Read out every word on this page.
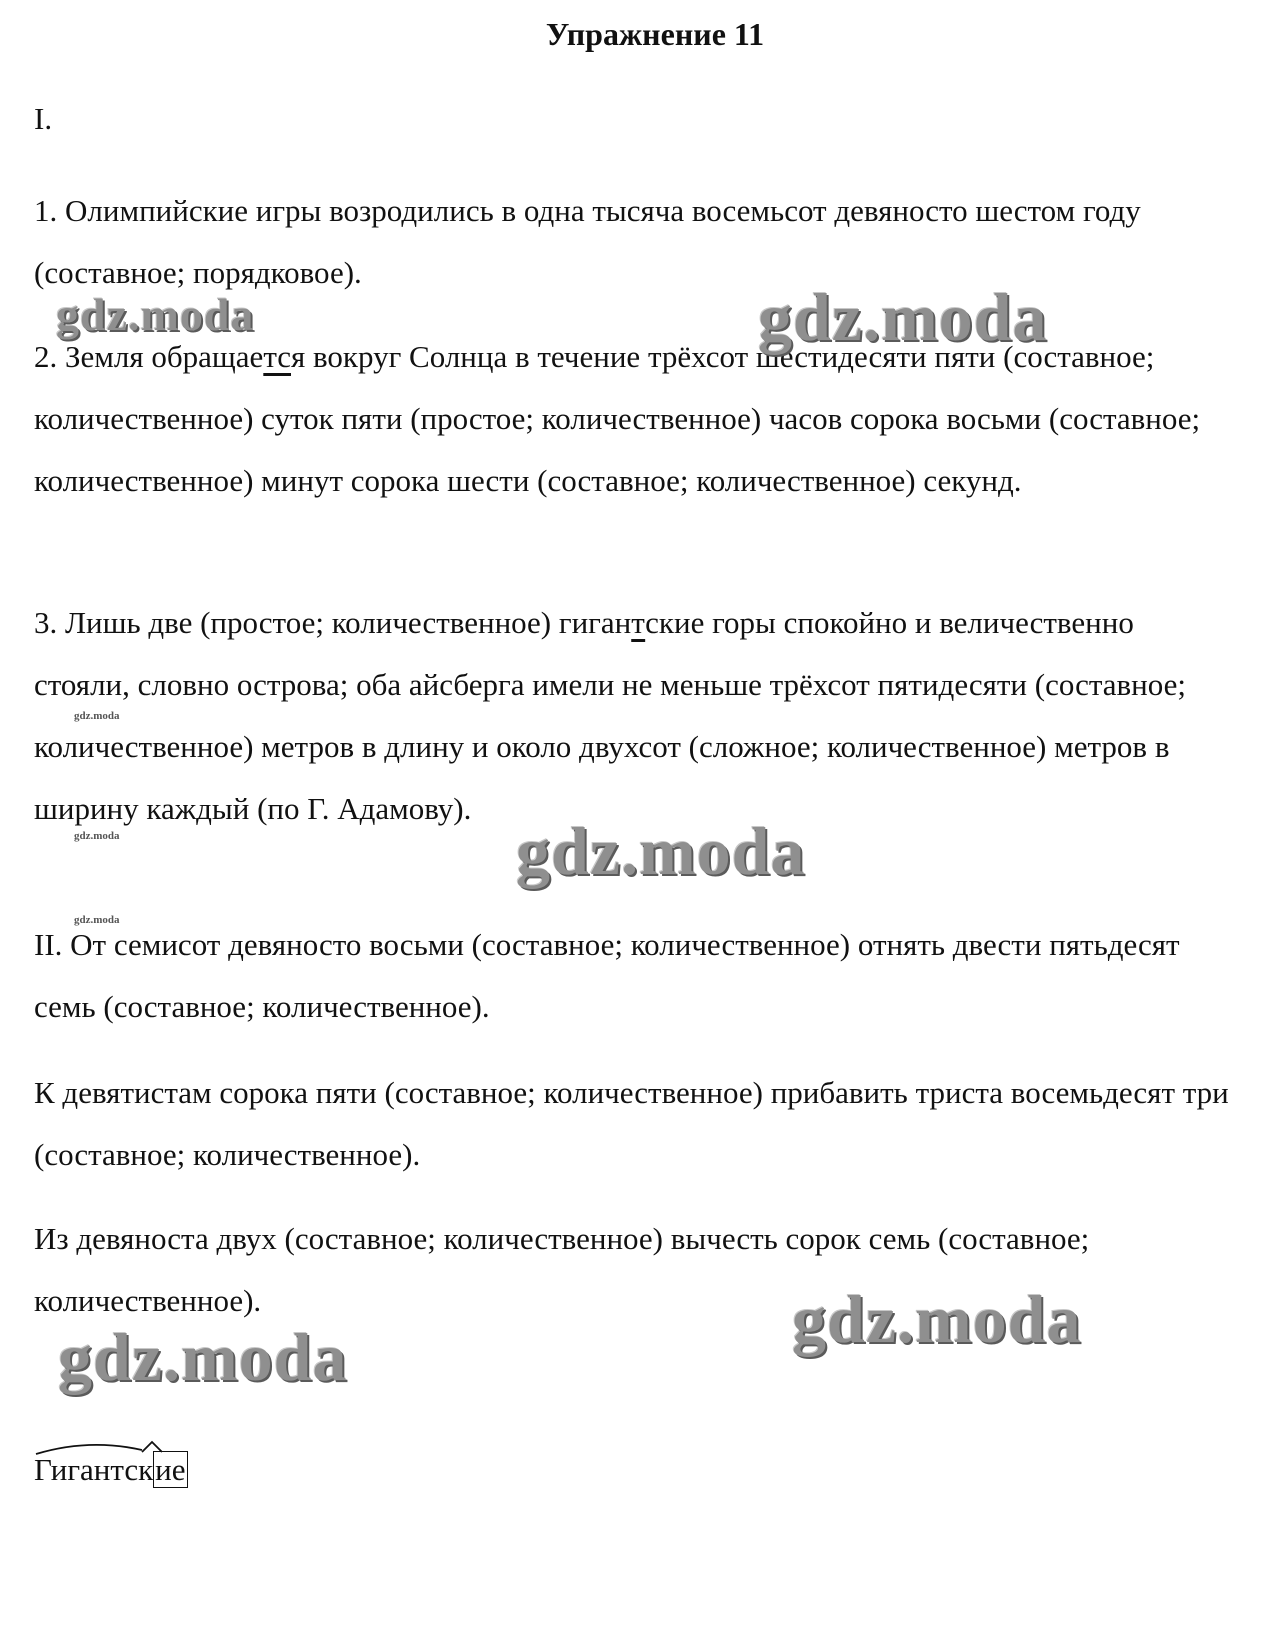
Упражнение 11
I.
1. Олимпийские игры возродились в одна тысяча восемьсот девяносто шестом году (составное; порядковое).
2. Земля обращается вокруг Солнца в течение трёхсот шестидесяти пяти (составное; количественное) суток пяти (простое; количественное) часов сорока восьми (составное; количественное) минут сорока шести (составное; количественное) секунд.
3. Лишь две (простое; количественное) гигантские горы спокойно и величественно стояли, словно острова; оба айсберга имели не меньше трёхсот пятидесяти (составное; количественное) метров в длину и около двухсот (сложное; количественное) метров в ширину каждый (по Г. Адамову).
II. От семисот девяносто восьми (составное; количественное) отнять двести пятьдесят семь (составное; количественное).
К девятистам сорока пяти (составное; количественное) прибавить триста восемьдесят три (составное; количественное).
Из девяноста двух (составное; количественное) вычесть сорок семь (составное; количественное).
Гигантские
gdz.moda	gdz.moda
gdz.moda
gdz.moda
gdz.moda
gdz.moda
gdz.moda
gdz.moda
